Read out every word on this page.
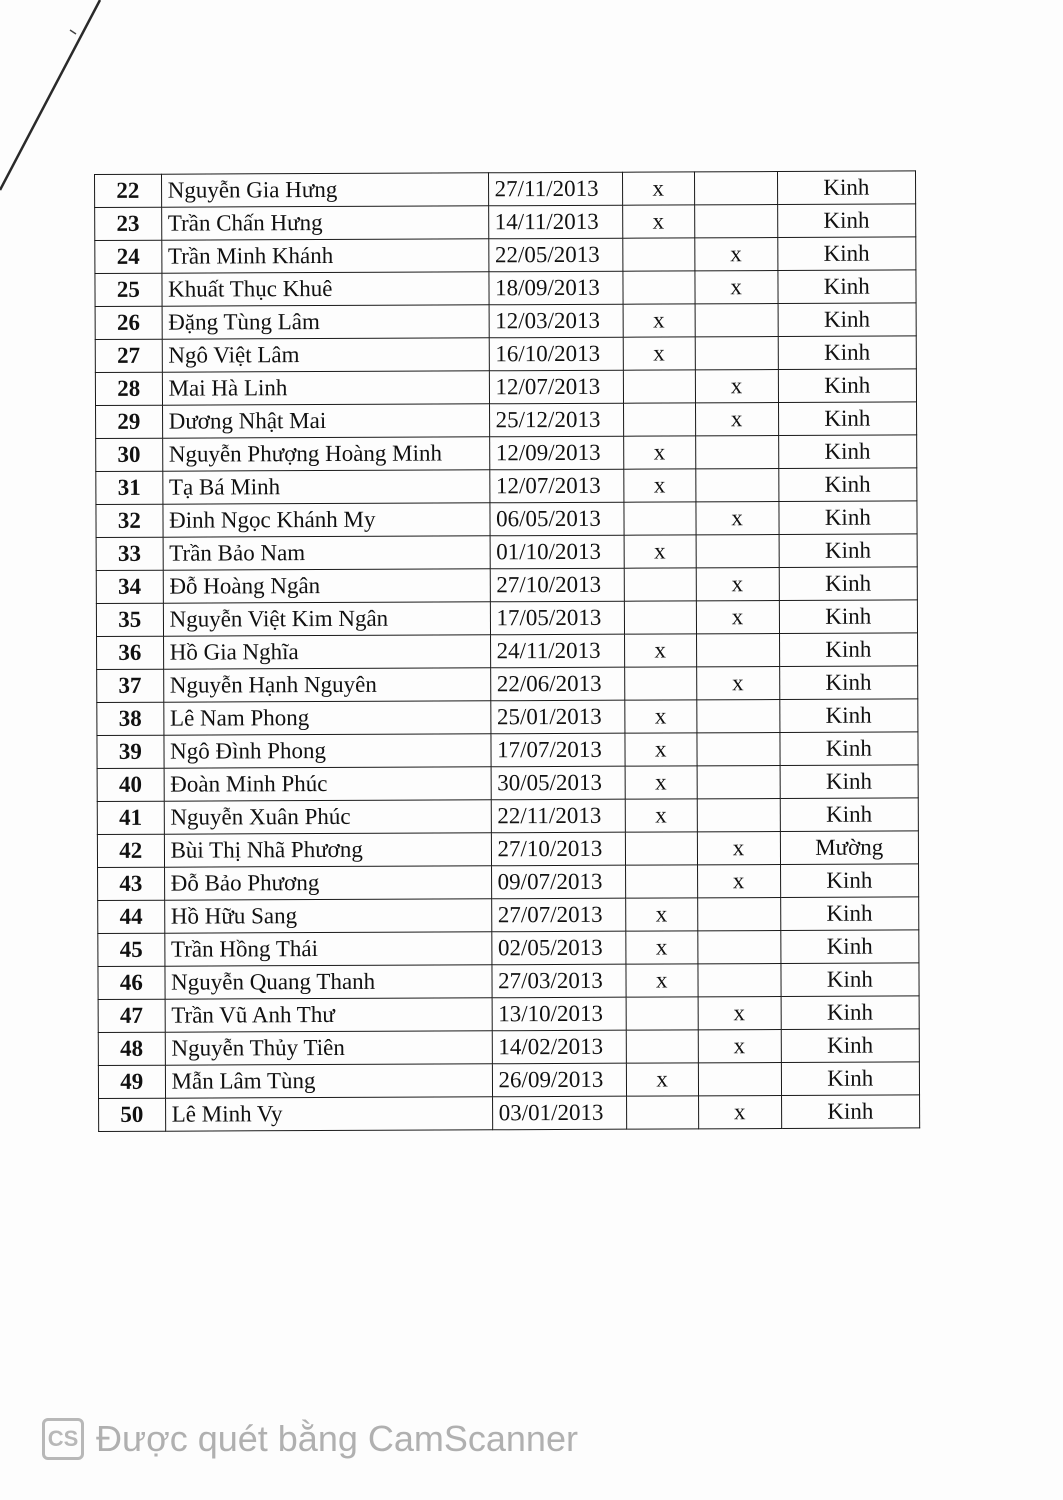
22	Nguyễn Gia Hưng	27/11/2013	x		Kinh
23	Trần Chấn Hưng	14/11/2013	x		Kinh
24	Trần Minh Khánh	22/05/2013		x	Kinh
25	Khuất Thục Khuê	18/09/2013		x	Kinh
26	Đặng Tùng Lâm	12/03/2013	x		Kinh
27	Ngô Việt Lâm	16/10/2013	x		Kinh
28	Mai Hà Linh	12/07/2013		x	Kinh
29	Dương Nhật Mai	25/12/2013		x	Kinh
30	Nguyễn Phượng Hoàng Minh	12/09/2013	x		Kinh
31	Tạ Bá Minh	12/07/2013	x		Kinh
32	Đinh Ngọc Khánh My	06/05/2013		x	Kinh
33	Trần Bảo Nam	01/10/2013	x		Kinh
34	Đỗ Hoàng Ngân	27/10/2013		x	Kinh
35	Nguyễn Việt Kim Ngân	17/05/2013		x	Kinh
36	Hồ Gia Nghĩa	24/11/2013	x		Kinh
37	Nguyễn Hạnh Nguyên	22/06/2013		x	Kinh
38	Lê Nam Phong	25/01/2013	x		Kinh
39	Ngô Đình Phong	17/07/2013	x		Kinh
40	Đoàn Minh Phúc	30/05/2013	x		Kinh
41	Nguyễn Xuân Phúc	22/11/2013	x		Kinh
42	Bùi Thị Nhã Phương	27/10/2013		x	Mường
43	Đỗ Bảo Phương	09/07/2013		x	Kinh
44	Hồ Hữu Sang	27/07/2013	x		Kinh
45	Trần Hồng Thái	02/05/2013	x		Kinh
46	Nguyễn Quang Thanh	27/03/2013	x		Kinh
47	Trần Vũ Anh Thư	13/10/2013		x	Kinh
48	Nguyễn Thủy Tiên	14/02/2013		x	Kinh
49	Mẫn Lâm Tùng	26/09/2013	x		Kinh
50	Lê Minh Vy	03/01/2013		x	Kinh
CS Được quét bằng CamScanner
